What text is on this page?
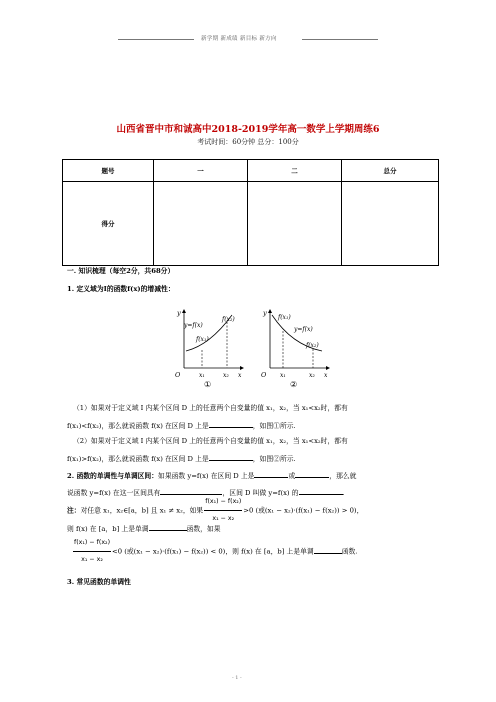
新学期 新成绩 新目标 新方向
山西省晋中市和诚高中2018-2019学年高一数学上学期周练6
考试时间：60分钟 总分：100分
题号	一	二	总分
得分			
一. 知识梳理（每空2分，共68分）
1. 定义域为I的函数f(x)的增减性：
y
y=f(x)
f(x₁)
f(x₂)
O	x₁	x₂ x
①
y
f(x₁)
y=f(x)
f(x₂)
O x₁	x₂ x
②
（1）如果对于定义域 I 内某个区间 D 上的任意两个自变量的值 x₁，x₂，当 x₁<x₂时，都有
f(x₁)<f(x₂)，那么就说函数 f(x) 在区间 D 上是	，如图①所示.
（2）如果对于定义域 I 内某个区间 D 上的任意两个自变量的值 x₁，x₂，当 x₁<x₂时，都有
f(x₁)>f(x₂)，那么就说函数 f(x) 在区间 D 上是	，如图②所示.
2. 函数的单调性与单调区间：如果函数 y=f(x) 在区间 D 上是	或	，那么就
说函数 y=f(x) 在这一区间具有	，区间 D 叫做 y=f(x) 的	.
注：对任意 x₁，x₂∈[a，b] 且 x₁ ≠ x₂，如果 $\frac{\text{f(x₁) − f(x₂)}}{\text{x₁ − x₂}} >0$ (或(x₁ − x₂)·(f(x₁) − f(x₂)) > 0)，
则 f(x) 在 [a，b] 上是单调	函数，如果
$\frac{\text{f(x₁) − f(x₂)}}{\text{x₁ − x₂}} <0$ (或(x₁ − x₂)·(f(x₁) − f(x₂)) < 0)，则 f(x) 在 [a，b] 上是单调	函数.
3. 常见函数的单调性
- 1 -
